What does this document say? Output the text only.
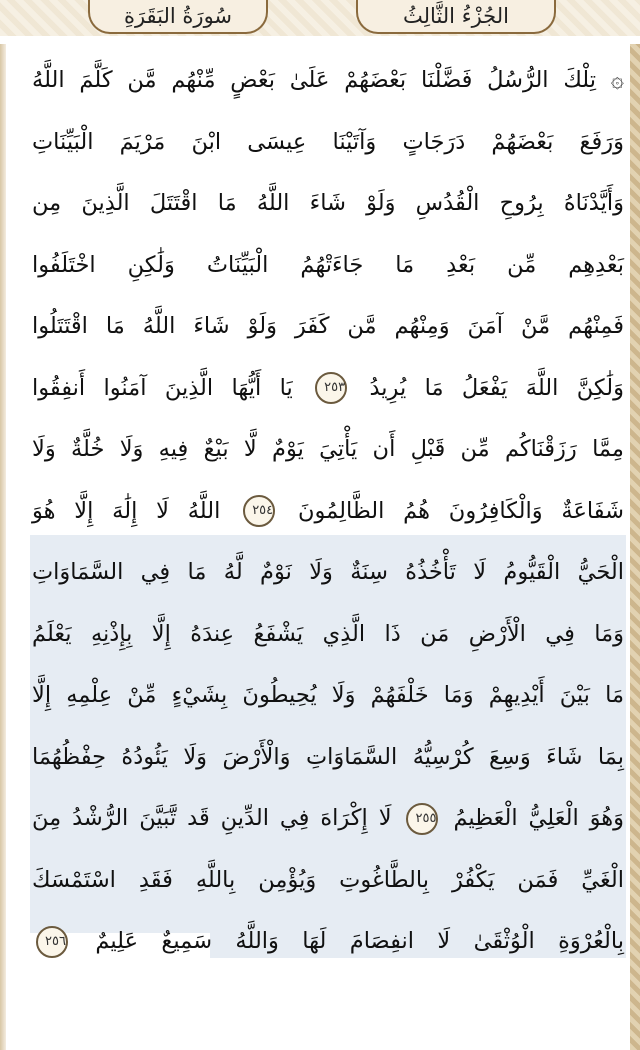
سُورَةُ البَقَرَةِ	الجُزْءُ الثَّالِثُ
۞ تِلْكَ الرُّسُلُ فَضَّلْنَا بَعْضَهُمْ عَلَىٰ بَعْضٍ مِّنْهُم مَّن كَلَّمَ اللَّهُ
وَرَفَعَ بَعْضَهُمْ دَرَجَاتٍ وَآتَيْنَا عِيسَى ابْنَ مَرْيَمَ الْبَيِّنَاتِ
وَأَيَّدْنَاهُ بِرُوحِ الْقُدُسِ وَلَوْ شَاءَ اللَّهُ مَا اقْتَتَلَ الَّذِينَ مِن
بَعْدِهِم مِّن بَعْدِ مَا جَاءَتْهُمُ الْبَيِّنَاتُ وَلَٰكِنِ اخْتَلَفُوا
فَمِنْهُم مَّنْ آمَنَ وَمِنْهُم مَّن كَفَرَ وَلَوْ شَاءَ اللَّهُ مَا اقْتَتَلُوا
وَلَٰكِنَّ اللَّهَ يَفْعَلُ مَا يُرِيدُ ٢٥٣ يَا أَيُّهَا الَّذِينَ آمَنُوا أَنفِقُوا
مِمَّا رَزَقْنَاكُم مِّن قَبْلِ أَن يَأْتِيَ يَوْمٌ لَّا بَيْعٌ فِيهِ وَلَا خُلَّةٌ وَلَا
شَفَاعَةٌ وَالْكَافِرُونَ هُمُ الظَّالِمُونَ ٢٥٤ اللَّهُ لَا إِلَٰهَ إِلَّا هُوَ
الْحَيُّ الْقَيُّومُ لَا تَأْخُذُهُ سِنَةٌ وَلَا نَوْمٌ لَّهُ مَا فِي السَّمَاوَاتِ
وَمَا فِي الْأَرْضِ مَن ذَا الَّذِي يَشْفَعُ عِندَهُ إِلَّا بِإِذْنِهِ يَعْلَمُ
مَا بَيْنَ أَيْدِيهِمْ وَمَا خَلْفَهُمْ وَلَا يُحِيطُونَ بِشَيْءٍ مِّنْ عِلْمِهِ إِلَّا
بِمَا شَاءَ وَسِعَ كُرْسِيُّهُ السَّمَاوَاتِ وَالْأَرْضَ وَلَا يَئُودُهُ حِفْظُهُمَا
وَهُوَ الْعَلِيُّ الْعَظِيمُ ٢٥٥ لَا إِكْرَاهَ فِي الدِّينِ قَد تَّبَيَّنَ الرُّشْدُ مِنَ
الْغَيِّ فَمَن يَكْفُرْ بِالطَّاغُوتِ وَيُؤْمِن بِاللَّهِ فَقَدِ اسْتَمْسَكَ
بِالْعُرْوَةِ الْوُثْقَىٰ لَا انفِصَامَ لَهَا وَاللَّهُ سَمِيعٌ عَلِيمٌ ٢٥٦
